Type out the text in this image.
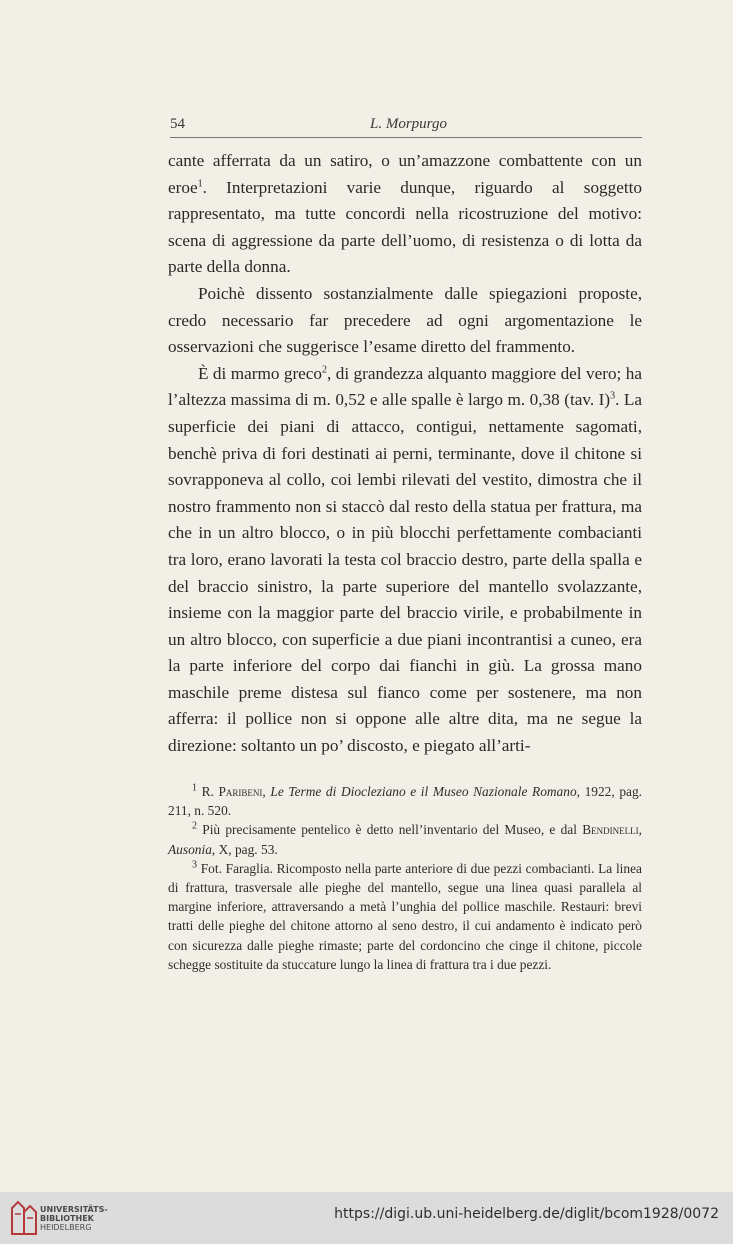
54	L. Morpurgo

cante afferrata da un satiro, o un’amazzone combattente con un eroe$^1$. Interpretazioni varie dunque, riguardo al soggetto rappresentato, ma tutte concordi nella ricostruzione del motivo: scena di aggressione da parte dell’uomo, di resistenza o di lotta da parte della donna.

Poichè dissento sostanzialmente dalle spiegazioni proposte, credo necessario far precedere ad ogni argomentazione le osservazioni che suggerisce l’esame diretto del frammento.

È di marmo greco$^2$, di grandezza alquanto maggiore del vero; ha l’altezza massima di m. 0,52 e alle spalle è largo m. 0,38 (tav. I)$^3$. La superficie dei piani di attacco, contigui, nettamente sagomati, benchè priva di fori destinati ai perni, terminante, dove il chitone si sovrapponeva al collo, coi lembi rilevati del vestito, dimostra che il nostro frammento non si staccò dal resto della statua per frattura, ma che in un altro blocco, o in più blocchi perfettamente combacianti tra loro, erano lavorati la testa col braccio destro, parte della spalla e del braccio sinistro, la parte superiore del mantello svolazzante, insieme con la maggior parte del braccio virile, e probabilmente in un altro blocco, con superficie a due piani incontrantisi a cuneo, era la parte inferiore del corpo dai fianchi in giù. La grossa mano maschile preme distesa sul fianco come per sostenere, ma non afferra: il pollice non si oppone alle altre dita, ma ne segue la direzione: soltanto un po’ discosto, e piegato all’arti-

$^1$ R. Paribeni, Le Terme di Diocleziano e il Museo Nazionale Romano, 1922, pag. 211, n. 520.

$^2$ Più precisamente pentelico è detto nell’inventario del Museo, e dal Bendinelli, Ausonia, X, pag. 53.

$^3$ Fot. Faraglia. Ricomposto nella parte anteriore di due pezzi combacianti. La linea di frattura, trasversale alle pieghe del mantello, segue una linea quasi parallela al margine inferiore, attraversando a metà l’unghia del pollice maschile. Restauri: brevi tratti delle pieghe del chitone attorno al seno destro, il cui andamento è indicato però con sicurezza dalle pieghe rimaste; parte del cordoncino che cinge il chitone, piccole schegge sostituite da stuccature lungo la linea di frattura tra i due pezzi.

UNIVERSITÄTS-
BIBLIOTHEK
HEIDELBERG
https://digi.ub.uni-heidelberg.de/diglit/bcom1928/0072
